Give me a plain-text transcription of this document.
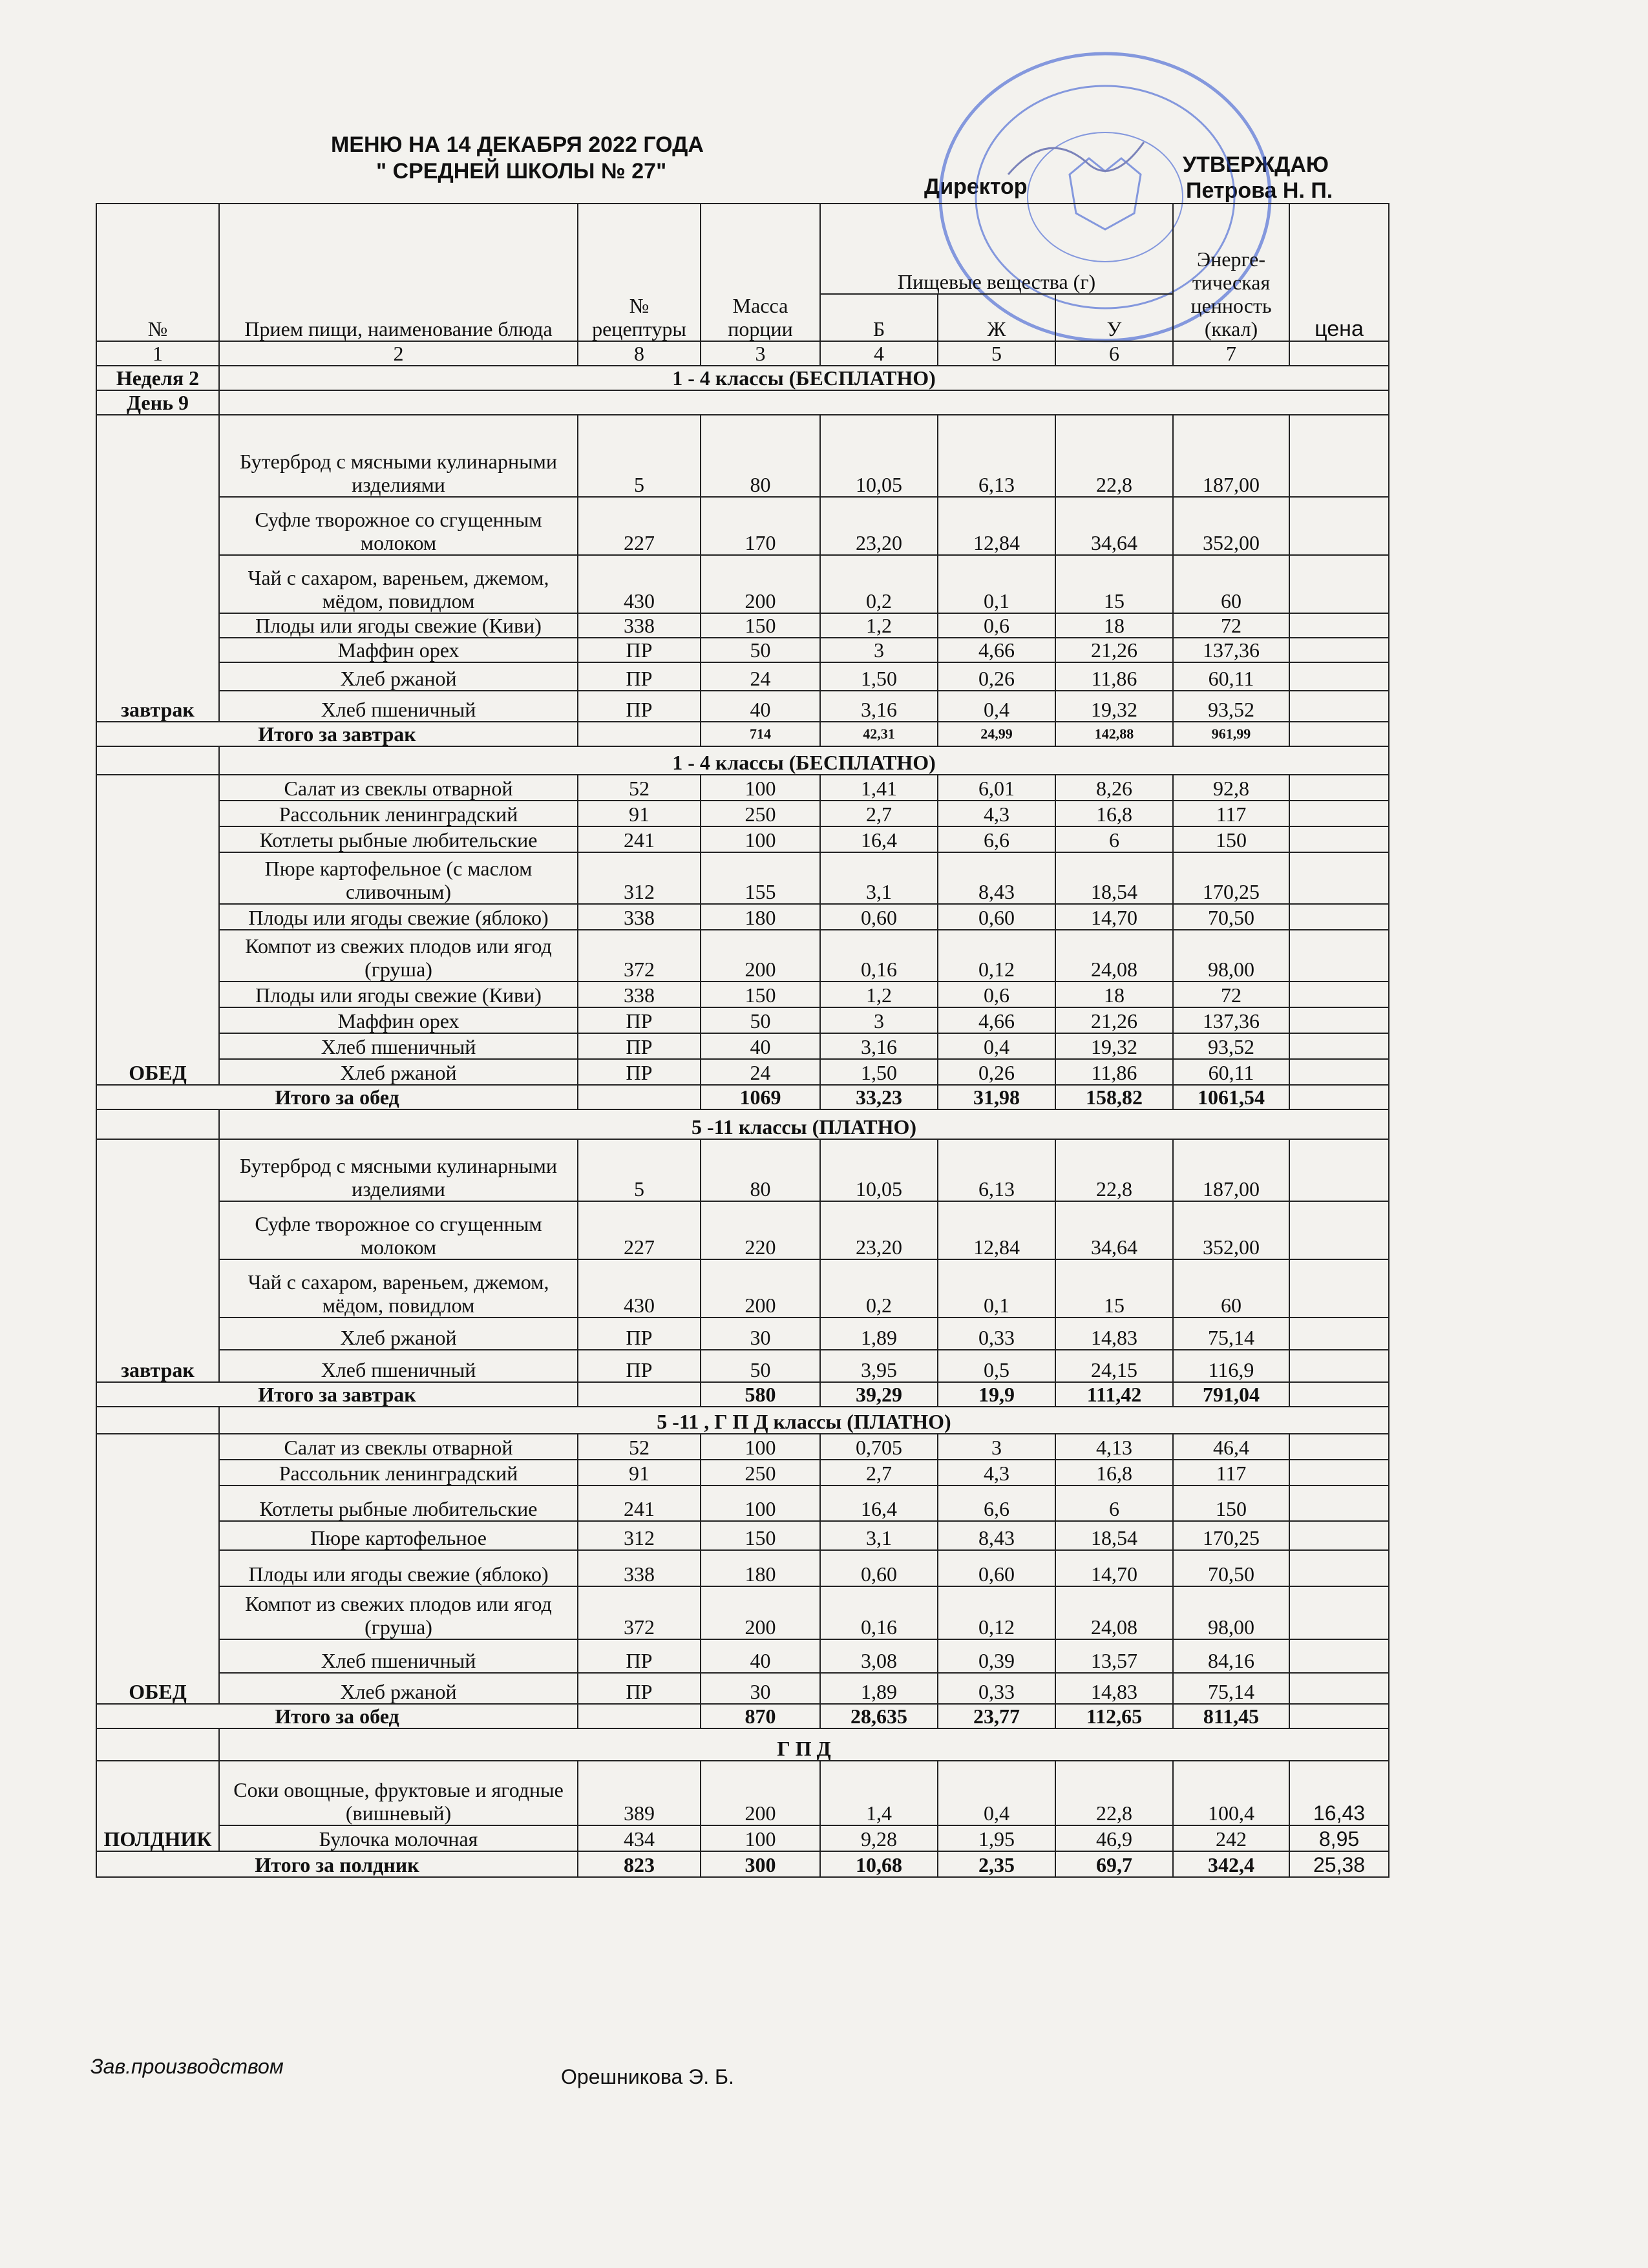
МЕНЮ НА 14 ДЕКАБРЯ 2022 ГОДА
" СРЕДНЕЙ ШКОЛЫ № 27"	УТВЕРЖДАЮ
Директор	Петрова Н. П.
№	Прием пищи, наименование блюда	№ рецептуры	Масса порции	Пищевые вещества (г)			Энерге-тическая ценность (ккал)	цена
				Б	Ж	У		
1	2	8	3	4	5	6	7	
Неделя 2	1 - 4 классы (БЕСПЛАТНО)							
День 9								
завтрак	Бутерброд с мясными кулинарными изделиями	5	80	10,05	6,13	22,8	187,00	
	Суфле творожное со сгущенным молоком	227	170	23,20	12,84	34,64	352,00	
	Чай с сахаром, вареньем, джемом, мёдом, повидлом	430	200	0,2	0,1	15	60	
	Плоды или ягоды свежие (Киви)	338	150	1,2	0,6	18	72	
	Маффин орех	ПР	50	3	4,66	21,26	137,36	
	Хлеб ржаной	ПР	24	1,50	0,26	11,86	60,11	
	Хлеб пшеничный	ПР	40	3,16	0,4	19,32	93,52	
Итого за завтрак			714	42,31	24,99	142,88	961,99	
	1 - 4 классы (БЕСПЛАТНО)							
ОБЕД	Салат из свеклы отварной	52	100	1,41	6,01	8,26	92,8	
	Рассольник ленинградский	91	250	2,7	4,3	16,8	117	
	Котлеты рыбные любительские	241	100	16,4	6,6	6	150	
	Пюре картофельное (с маслом сливочным)	312	155	3,1	8,43	18,54	170,25	
	Плоды или ягоды свежие (яблоко)	338	180	0,60	0,60	14,70	70,50	
	Компот из свежих плодов или ягод (груша)	372	200	0,16	0,12	24,08	98,00	
	Плоды или ягоды свежие (Киви)	338	150	1,2	0,6	18	72	
	Маффин орех	ПР	50	3	4,66	21,26	137,36	
	Хлеб пшеничный	ПР	40	3,16	0,4	19,32	93,52	
	Хлеб ржаной	ПР	24	1,50	0,26	11,86	60,11	
Итого за обед			1069	33,23	31,98	158,82	1061,54	
	5 -11 классы (ПЛАТНО)							
завтрак	Бутерброд с мясными кулинарными изделиями	5	80	10,05	6,13	22,8	187,00	
	Суфле творожное со сгущенным молоком	227	220	23,20	12,84	34,64	352,00	
	Чай с сахаром, вареньем, джемом, мёдом, повидлом	430	200	0,2	0,1	15	60	
	Хлеб ржаной	ПР	30	1,89	0,33	14,83	75,14	
	Хлеб пшеничный	ПР	50	3,95	0,5	24,15	116,9	
Итого за завтрак			580	39,29	19,9	111,42	791,04	
	5 -11 , Г П Д классы (ПЛАТНО)							
ОБЕД	Салат из свеклы отварной	52	100	0,705	3	4,13	46,4	
	Рассольник ленинградский	91	250	2,7	4,3	16,8	117	
	Котлеты рыбные любительские	241	100	16,4	6,6	6	150	
	Пюре картофельное	312	150	3,1	8,43	18,54	170,25	
	Плоды или ягоды свежие (яблоко)	338	180	0,60	0,60	14,70	70,50	
	Компот из свежих плодов или ягод (груша)	372	200	0,16	0,12	24,08	98,00	
	Хлеб пшеничный	ПР	40	3,08	0,39	13,57	84,16	
	Хлеб ржаной	ПР	30	1,89	0,33	14,83	75,14	
Итого за обед			870	28,635	23,77	112,65	811,45	
	Г П Д							
ПОЛДНИК	Соки овощные, фруктовые и ягодные (вишневый)	389	200	1,4	0,4	22,8	100,4	16,43
	Булочка молочная	434	100	9,28	1,95	46,9	242	8,95
Итого за полдник		823	300	10,68	2,35	69,7	342,4	25,38
Зав.производством	Орешникова Э. Б.
